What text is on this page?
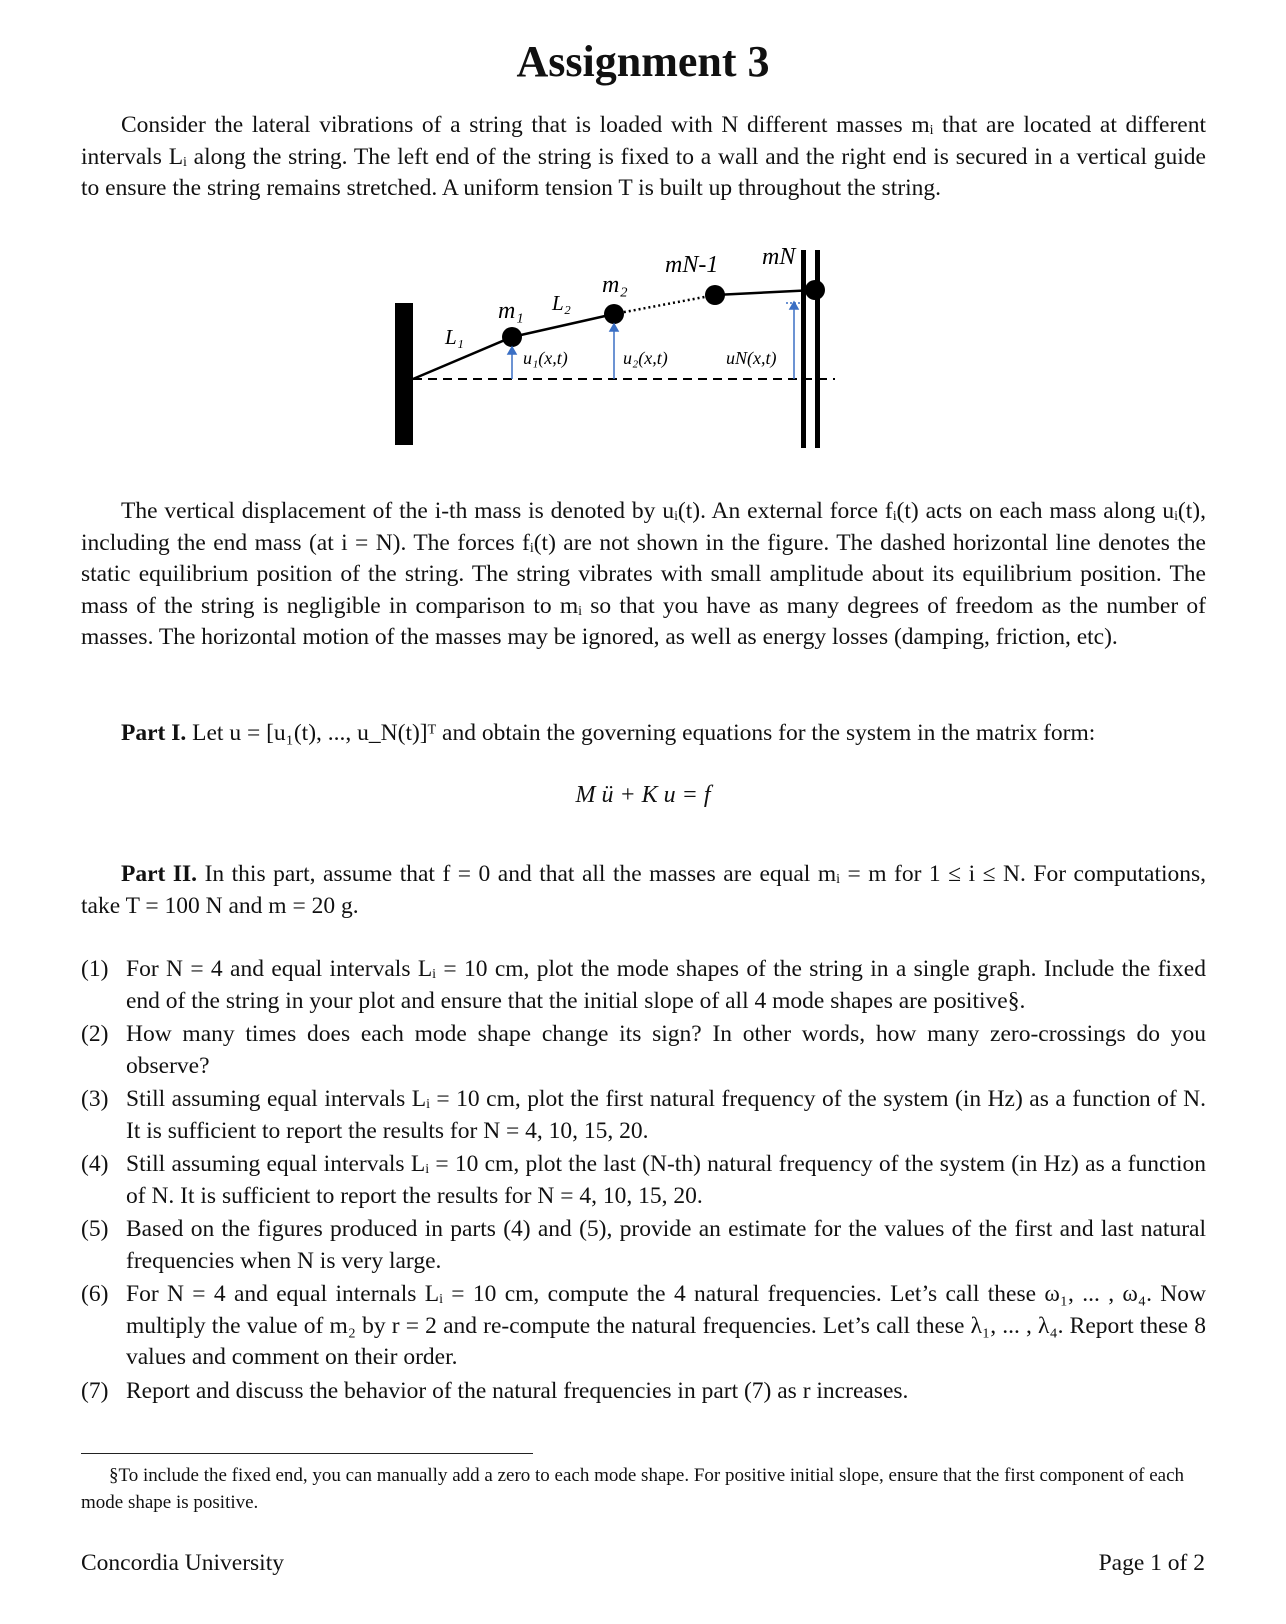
Assignment 3

Consider the lateral vibrations of a string that is loaded with N different masses mᵢ that are located at different intervals Lᵢ along the string. The left end of the string is fixed to a wall and the right end is secured in a vertical guide to ensure the string remains stretched. A uniform tension T is built up throughout the string.

m₁ L₂
m₂
mN-1 mN
L₁
u₁(x,t)	u₂(x,t)	uN(x,t)

The vertical displacement of the i-th mass is denoted by uᵢ(t). An external force fᵢ(t) acts on each mass along uᵢ(t), including the end mass (at i = N). The forces fᵢ(t) are not shown in the figure. The dashed horizontal line denotes the static equilibrium position of the string. The string vibrates with small amplitude about its equilibrium position. The mass of the string is negligible in comparison to mᵢ so that you have as many degrees of freedom as the number of masses. The horizontal motion of the masses may be ignored, as well as energy losses (damping, friction, etc).

Part I. Let u = [u₁(t), ..., u_N(t)]ᵀ and obtain the governing equations for the system in the matrix form:

M ü + K u = f

Part II. In this part, assume that f = 0 and that all the masses are equal mᵢ = m for 1 ≤ i ≤ N. For computations, take T = 100 N and m = 20 g.

(1) For N = 4 and equal intervals Lᵢ = 10 cm, plot the mode shapes of the string in a single graph. Include the fixed end of the string in your plot and ensure that the initial slope of all 4 mode shapes are positive§.
(2) How many times does each mode shape change its sign? In other words, how many zero-crossings do you observe?
(3) Still assuming equal intervals Lᵢ = 10 cm, plot the first natural frequency of the system (in Hz) as a function of N. It is sufficient to report the results for N = 4, 10, 15, 20.
(4) Still assuming equal intervals Lᵢ = 10 cm, plot the last (N-th) natural frequency of the system (in Hz) as a function of N. It is sufficient to report the results for N = 4, 10, 15, 20.
(5) Based on the figures produced in parts (4) and (5), provide an estimate for the values of the first and last natural frequencies when N is very large.
(6) For N = 4 and equal internals Lᵢ = 10 cm, compute the 4 natural frequencies. Let’s call these ω₁, ... , ω₄. Now multiply the value of m₂ by r = 2 and re-compute the natural frequencies. Let’s call these λ₁, ... , λ₄. Report these 8 values and comment on their order.
(7) Report and discuss the behavior of the natural frequencies in part (7) as r increases.

§To include the fixed end, you can manually add a zero to each mode shape. For positive initial slope, ensure that the first component of each mode shape is positive.

Concordia University	Page 1 of 2
